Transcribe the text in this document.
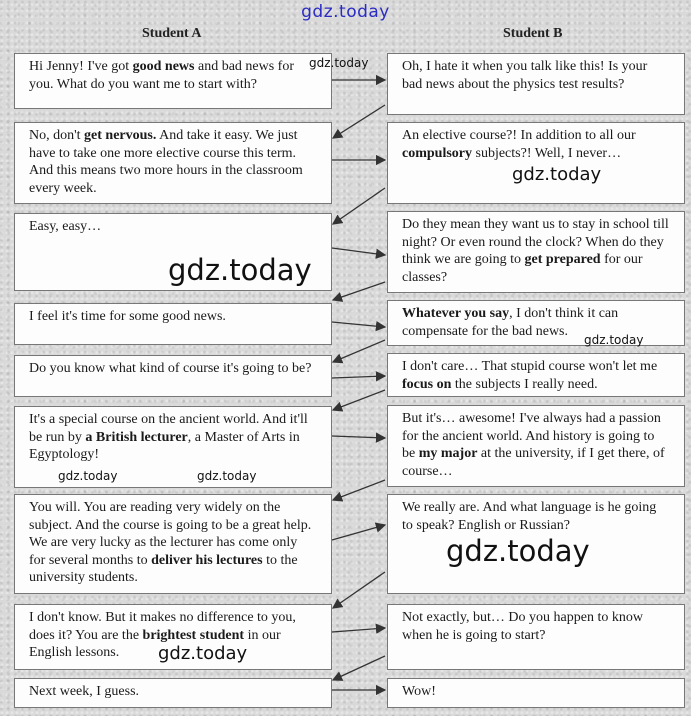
gdz.today
Student A	Student B
Hi Jenny! I've got good news and bad news for you. What do you want me to start with?
No, don't get nervous. And take it easy. We just have to take one more elective course this term. And this means two more hours in the classroom every week.
Easy, easy…
I feel it's time for some good news.
Do you know what kind of course it's going to be?
It's a special course on the ancient world. And it'll be run by a British lecturer, a Master of Arts in Egyptology!
You will. You are reading very widely on the subject. And the course is going to be a great help. We are very lucky as the lecturer has come only for several months to deliver his lectures to the university students.
I don't know. But it makes no difference to you, does it? You are the brightest student in our English lessons.
Next week, I guess.
Oh, I hate it when you talk like this! Is your bad news about the physics test results?
An elective course?! In addition to all our compulsory subjects?! Well, I never…
Do they mean they want us to stay in school till night? Or even round the clock? When do they think we are going to get prepared for our classes?
Whatever you say, I don't think it can compensate for the bad news.
I don't care… That stupid course won't let me focus on the subjects I really need.
But it's… awesome! I've always had a passion for the ancient world. And history is going to be my major at the university, if I get there, of course…
We really are. And what language is he going to speak? English or Russian?
Not exactly, but… Do you happen to know when he is going to start?
Wow!
gdz.today
gdz.today
gdz.today
gdz.today
gdz.today	gdz.today
gdz.today
gdz.today
